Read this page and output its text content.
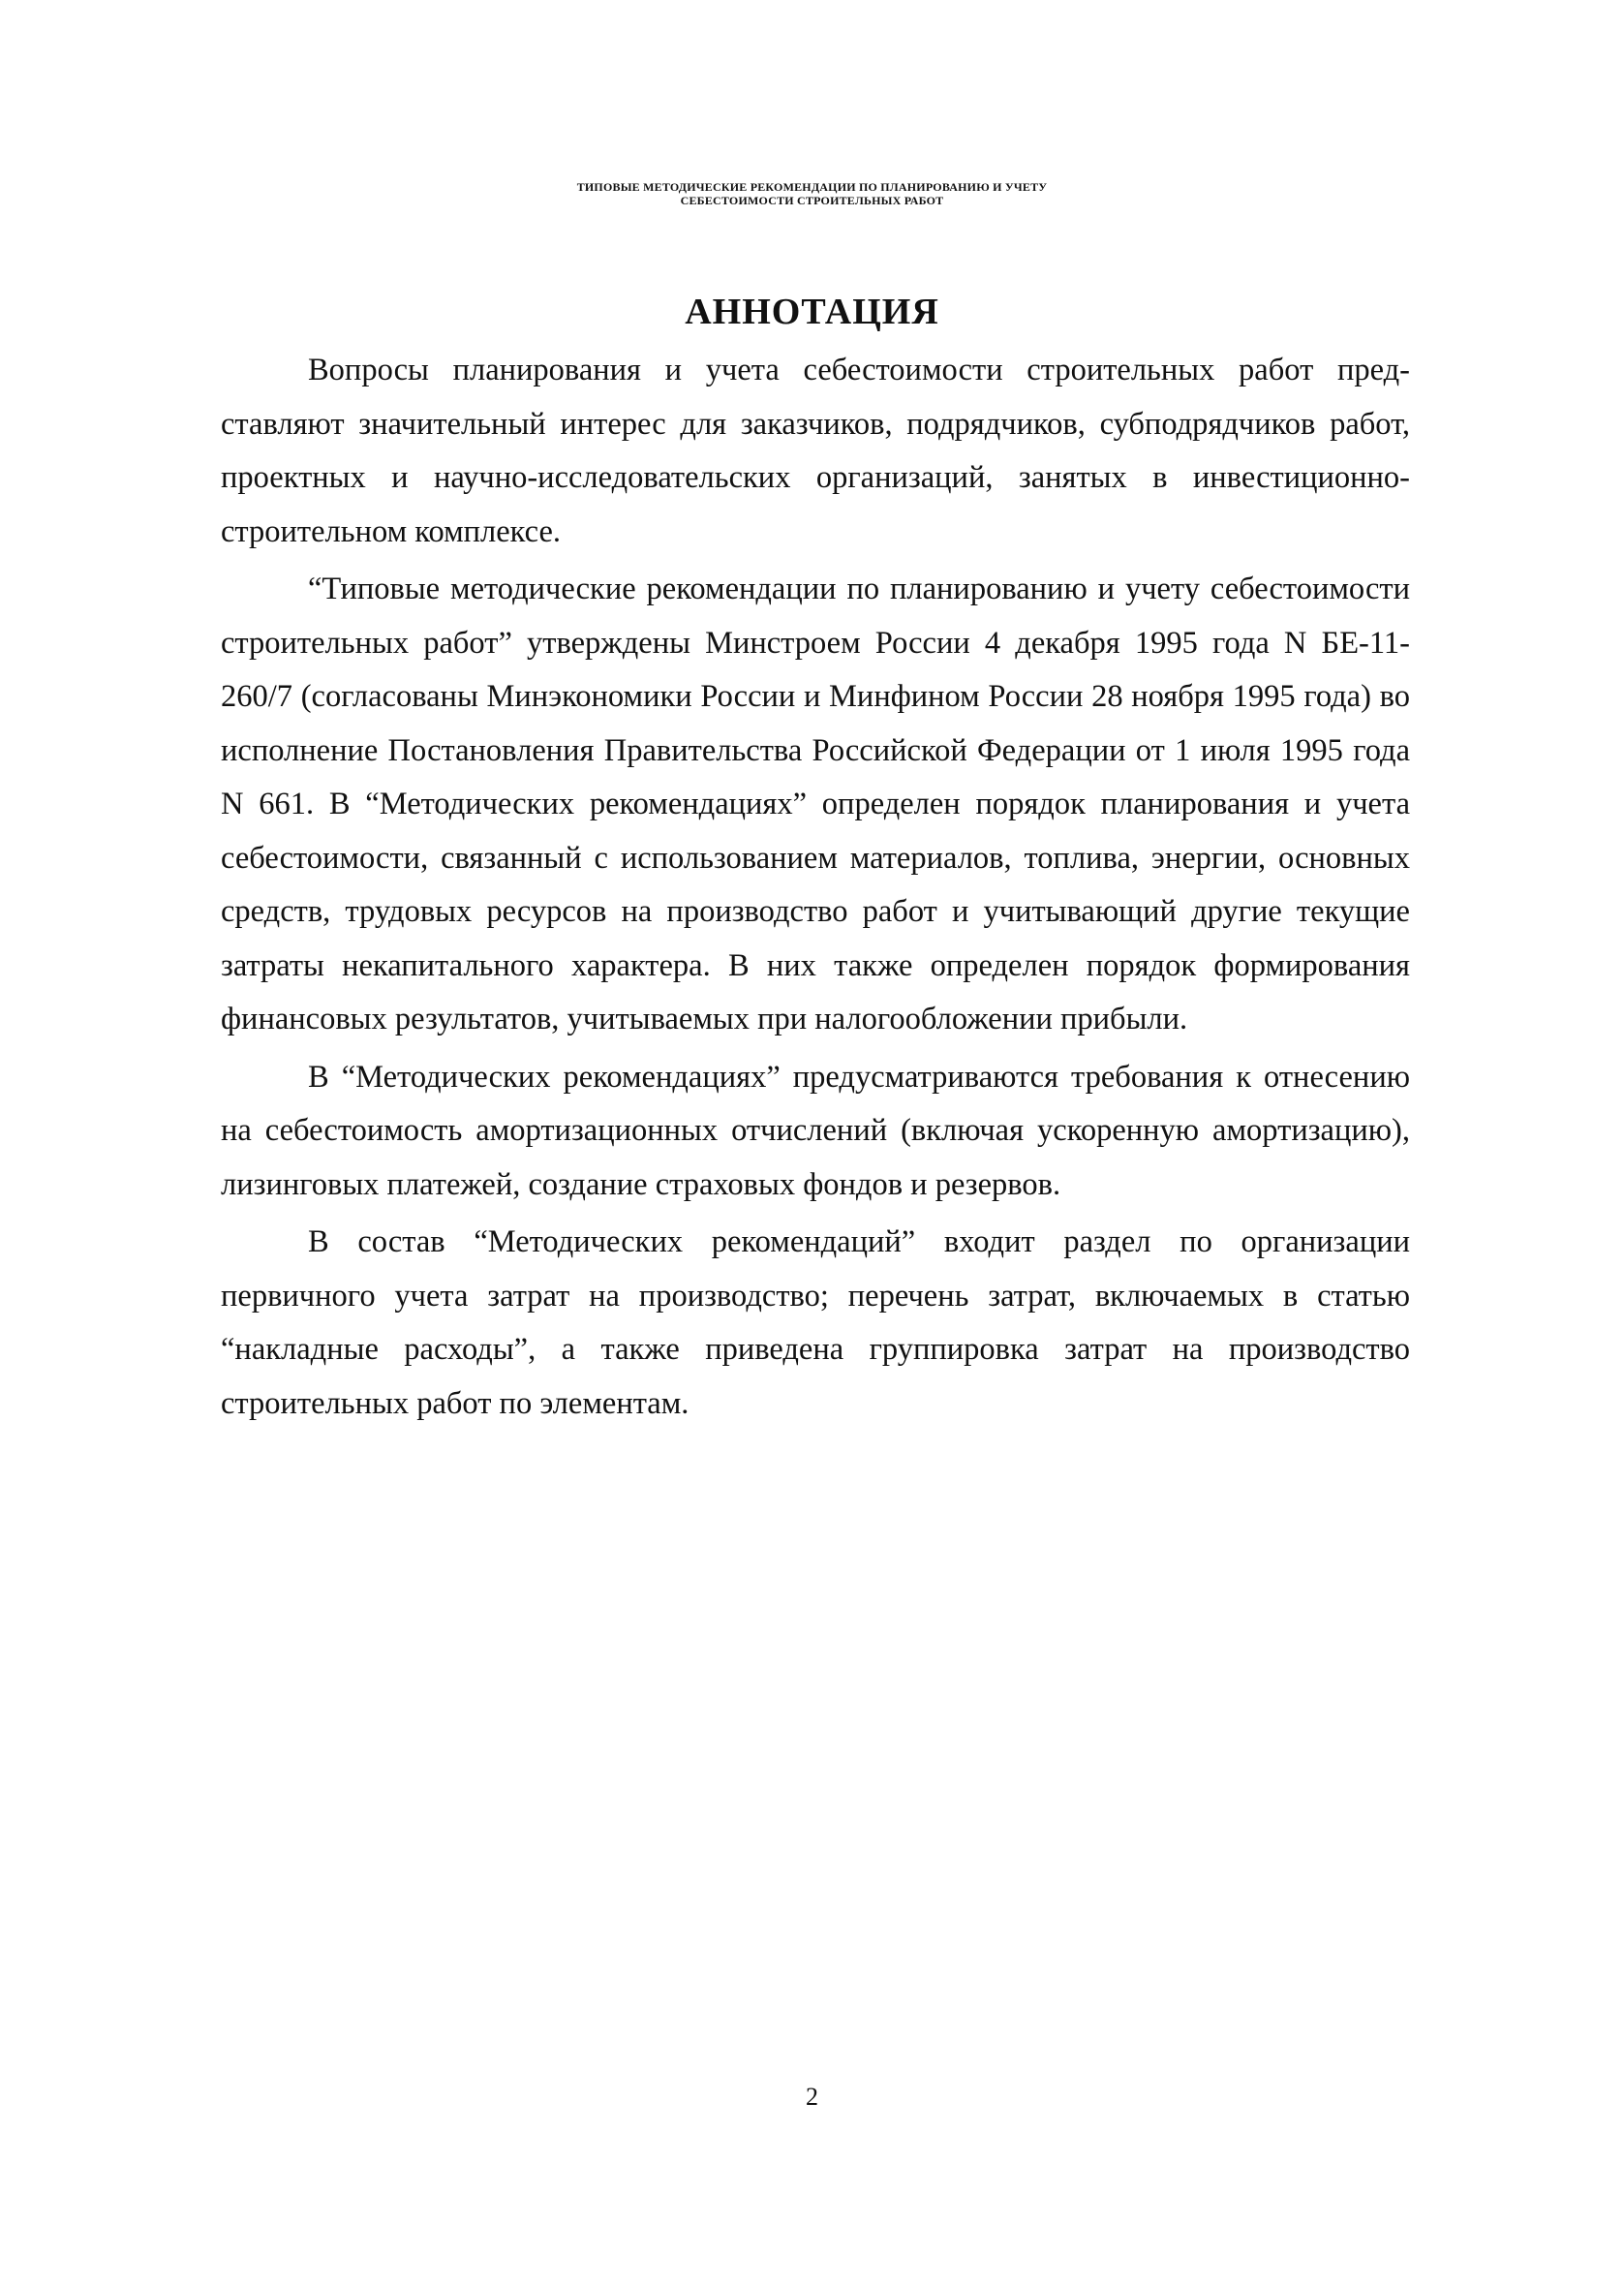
ТИПОВЫЕ МЕТОДИЧЕСКИЕ РЕКОМЕНДАЦИИ ПО ПЛАНИРОВАНИЮ И УЧЕТУ
СЕБЕСТОИМОСТИ СТРОИТЕЛЬНЫХ РАБОТ
АННОТАЦИЯ

Вопросы планирования и учета себестоимости строительных работ представляют значительный интерес для заказчиков, подрядчиков, субподрядчиков работ, проектных и научно-исследовательских организаций, занятых в инвестиционно-строительном комплексе.

“Типовые методические рекомендации по планированию и учету себестоимости строительных работ” утверждены Минстроем России 4 декабря 1995 года N БЕ-11-260/7 (согласованы Минэкономики России и Минфином России 28 ноября 1995 года) во исполнение Постановления Правительства Российской Федерации от 1 июля 1995 года N 661. В “Методических рекомендациях” определен порядок планирования и учета себестоимости, связанный с использованием материалов, топлива, энергии, основных средств, трудовых ресурсов на производство работ и учитывающий другие текущие затраты некапитального характера. В них также определен порядок формирования финансовых результатов, учитываемых при налогообложении прибыли.

В “Методических рекомендациях” предусматриваются требования к отнесению на себестоимость амортизационных отчислений (включая ускоренную амортизацию), лизинговых платежей, создание страховых фондов и резервов.

В состав “Методических рекомендаций” входит раздел по организации первичного учета затрат на производство; перечень затрат, включаемых в статью “накладные расходы”, а также приведена группировка затрат на производство строительных работ по элементам.

2
